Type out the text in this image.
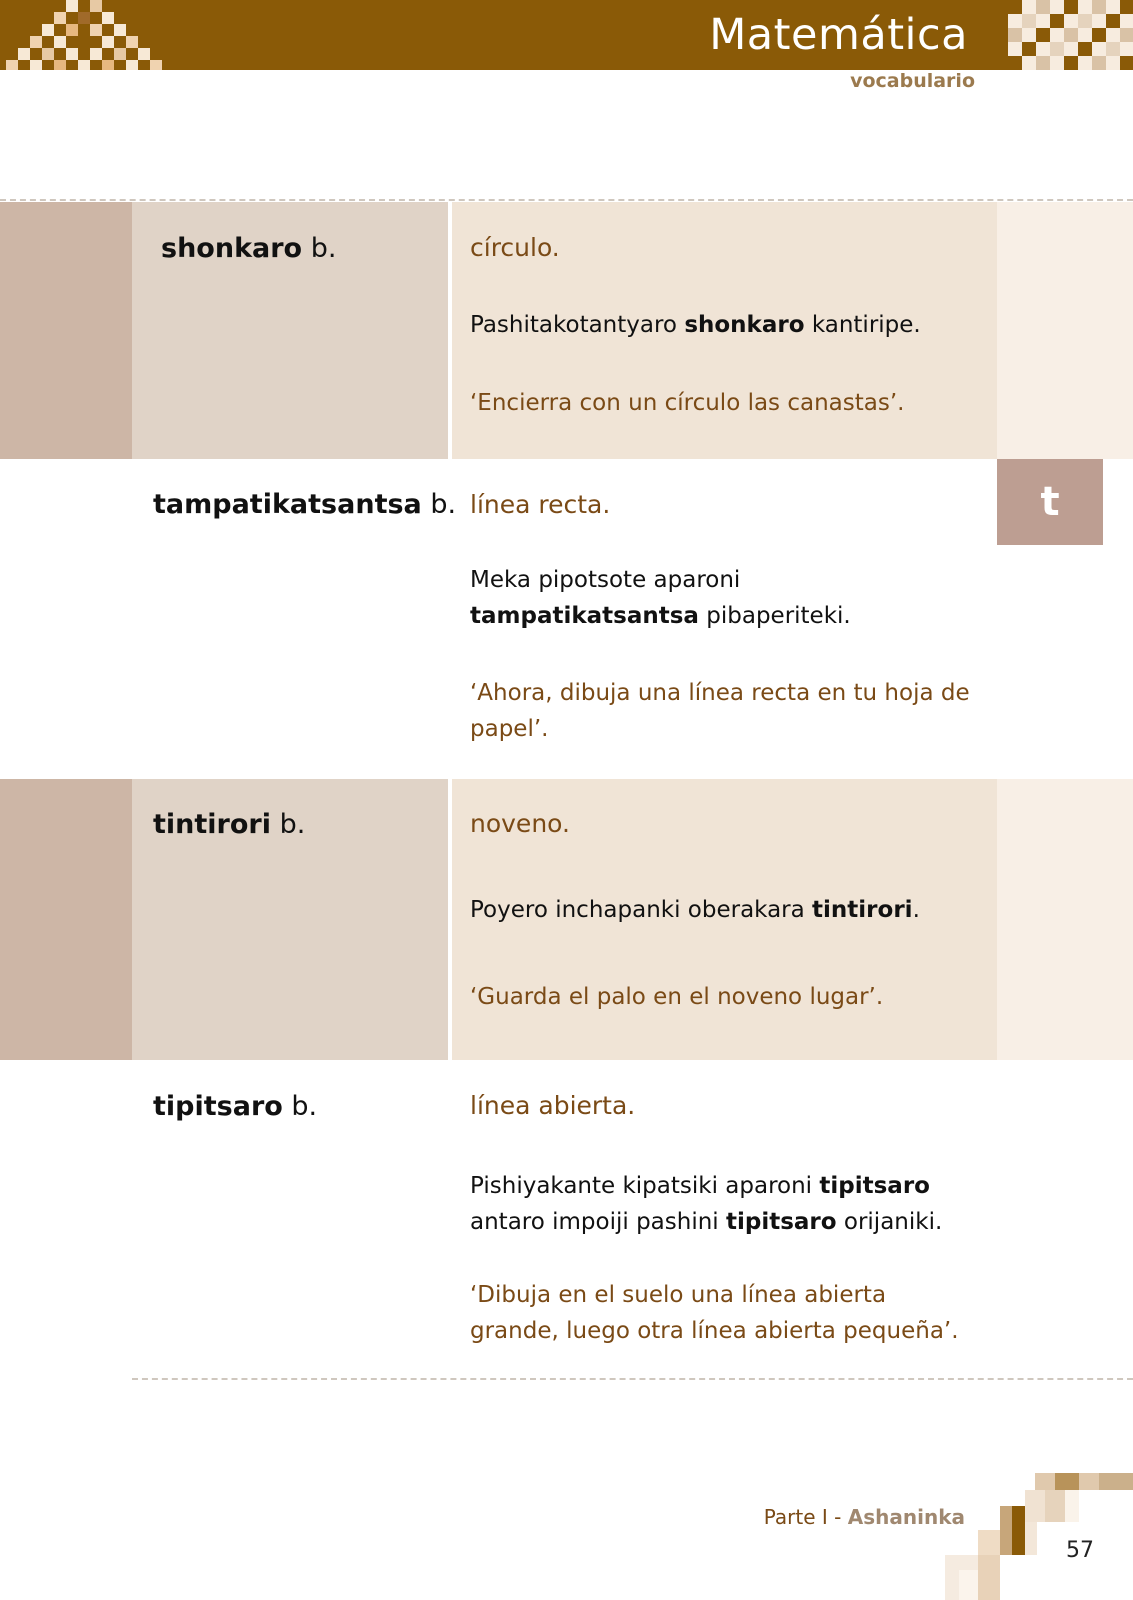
Matemática
vocabulario
t
shonkaro b.	círculo.
Pashitakotantyaro shonkaro kantiripe.
‘Encierra con un círculo las canastas’.
tampatikatsantsa b. línea recta.
Meka pipotsote aparoni tampatikatsantsa pibaperiteki.
‘Ahora, dibuja una línea recta en tu hoja de papel’.
tintirori b.	noveno.
Poyero inchapanki oberakara tintirori.
‘Guarda el palo en el noveno lugar’.
tipitsaro b.	línea abierta.
Pishiyakante kipatsiki aparoni tipitsaro antaro impoiji pashini tipitsaro orijaniki.
‘Dibuja en el suelo una línea abierta grande, luego otra línea abierta pequeña’.
Parte I - Ashaninka
57
